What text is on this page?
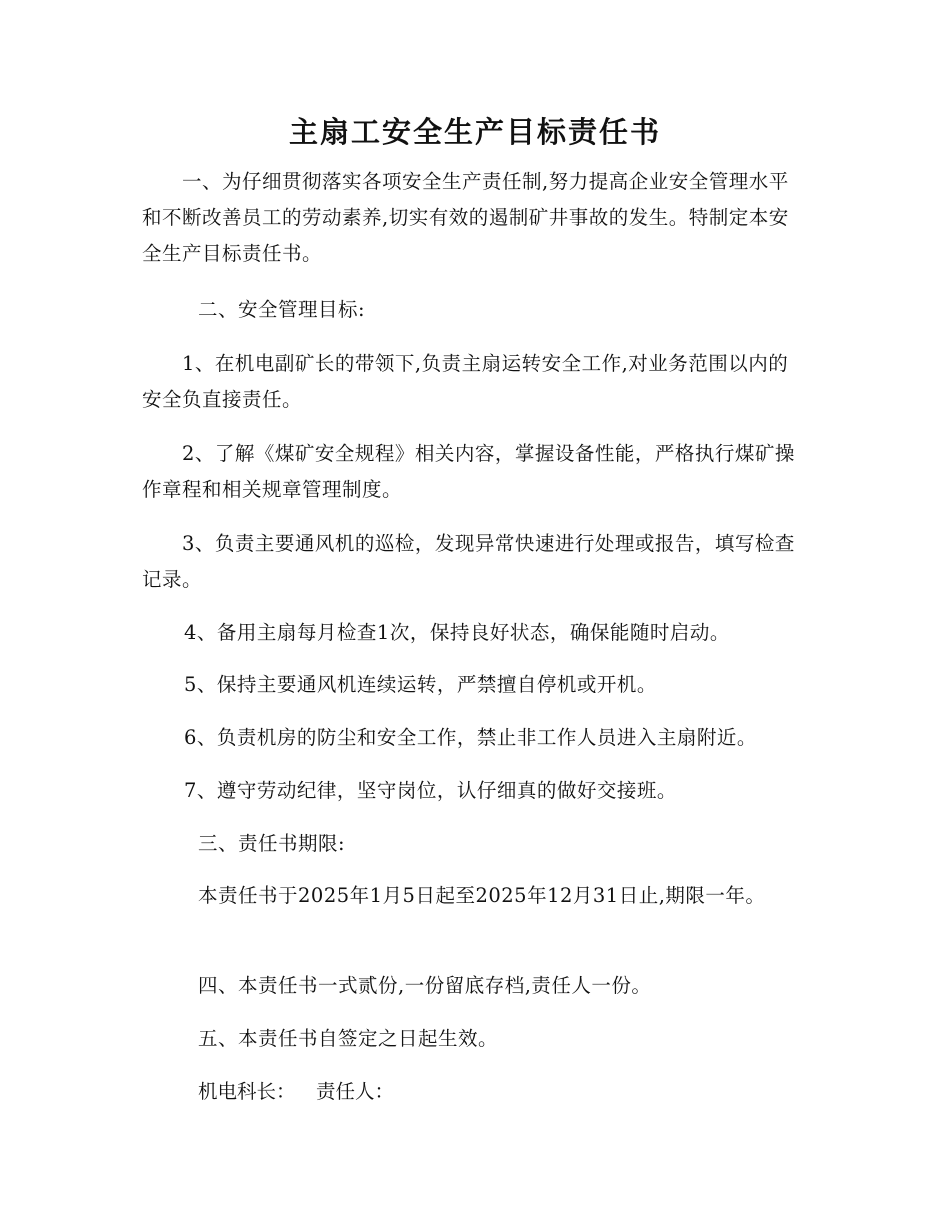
主扇工安全生产目标责任书
一、为仔细贯彻落实各项安全生产责任制,努力提高企业安全管理水平和不断改善员工的劳动素养,切实有效的遏制矿井事故的发生。特制定本安全生产目标责任书。
二、安全管理目标:
1、在机电副矿长的带领下,负责主扇运转安全工作,对业务范围以内的安全负直接责任。
2、了解《煤矿安全规程》相关内容，掌握设备性能，严格执行煤矿操作章程和相关规章管理制度。
3、负责主要通风机的巡检，发现异常快速进行处理或报告，填写检查记录。
4、备用主扇每月检查1次，保持良好状态，确保能随时启动。
5、保持主要通风机连续运转，严禁擅自停机或开机。
6、负责机房的防尘和安全工作，禁止非工作人员进入主扇附近。
7、遵守劳动纪律，坚守岗位，认仔细真的做好交接班。
三、责任书期限:
本责任书于2025年1月5日起至2025年12月31日止,期限一年。
四、本责任书一式贰份,一份留底存档,责任人一份。
五、本责任书自签定之日起生效。
机电科长： 责任人：
